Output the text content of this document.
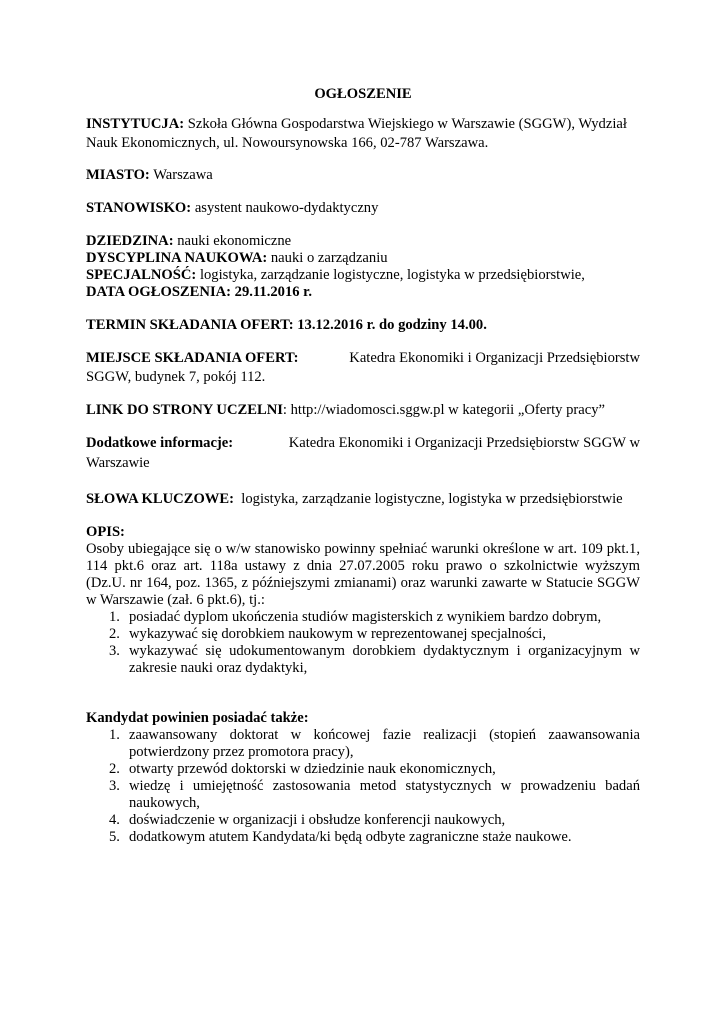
OGŁOSZENIE
INSTYTUCJA: Szkoła Główna Gospodarstwa Wiejskiego w Warszawie (SGGW), Wydział
Nauk Ekonomicznych, ul. Nowoursynowska 166, 02-787 Warszawa.
MIASTO: Warszawa
STANOWISKO: asystent naukowo-dydaktyczny
DZIEDZINA: nauki ekonomiczne
DYSCYPLINA NAUKOWA: nauki o zarządzaniu
SPECJALNOŚĆ: logistyka, zarządzanie logistyczne, logistyka w przedsiębiorstwie,
DATA OGŁOSZENIA: 29.11.2016 r.
TERMIN SKŁADANIA OFERT: 13.12.2016 r. do godziny 14.00.
MIEJSCE SKŁADANIA OFERT:	Katedra Ekonomiki i Organizacji Przedsiębiorstw
SGGW, budynek 7, pokój 112.
LINK DO STRONY UCZELNI: http://wiadomosci.sggw.pl w kategorii „Oferty pracy”
Dodatkowe informacje:	Katedra Ekonomiki i Organizacji Przedsiębiorstw SGGW w
Warszawie
SŁOWA KLUCZOWE: logistyka, zarządzanie logistyczne, logistyka w przedsiębiorstwie
OPIS:
Osoby ubiegające się o w/w stanowisko powinny spełniać warunki określone w art. 109 pkt.1,
114 pkt.6 oraz art. 118a ustawy z dnia 27.07.2005 roku prawo o szkolnictwie wyższym
(Dz.U. nr 164, poz. 1365, z późniejszymi zmianami) oraz warunki zawarte w Statucie SGGW
w Warszawie (zał. 6 pkt.6), tj.:
1. posiadać dyplom ukończenia studiów magisterskich z wynikiem bardzo dobrym,
2. wykazywać się dorobkiem naukowym w reprezentowanej specjalności,
3. wykazywać się udokumentowanym dorobkiem dydaktycznym i organizacyjnym w
zakresie nauki oraz dydaktyki,
Kandydat powinien posiadać także:
1. zaawansowany doktorat w końcowej fazie realizacji (stopień zaawansowania
potwierdzony przez promotora pracy),
2. otwarty przewód doktorski w dziedzinie nauk ekonomicznych,
3. wiedzę i umiejętność zastosowania metod statystycznych w prowadzeniu badań
naukowych,
4. doświadczenie w organizacji i obsłudze konferencji naukowych,
5. dodatkowym atutem Kandydata/ki będą odbyte zagraniczne staże naukowe.
